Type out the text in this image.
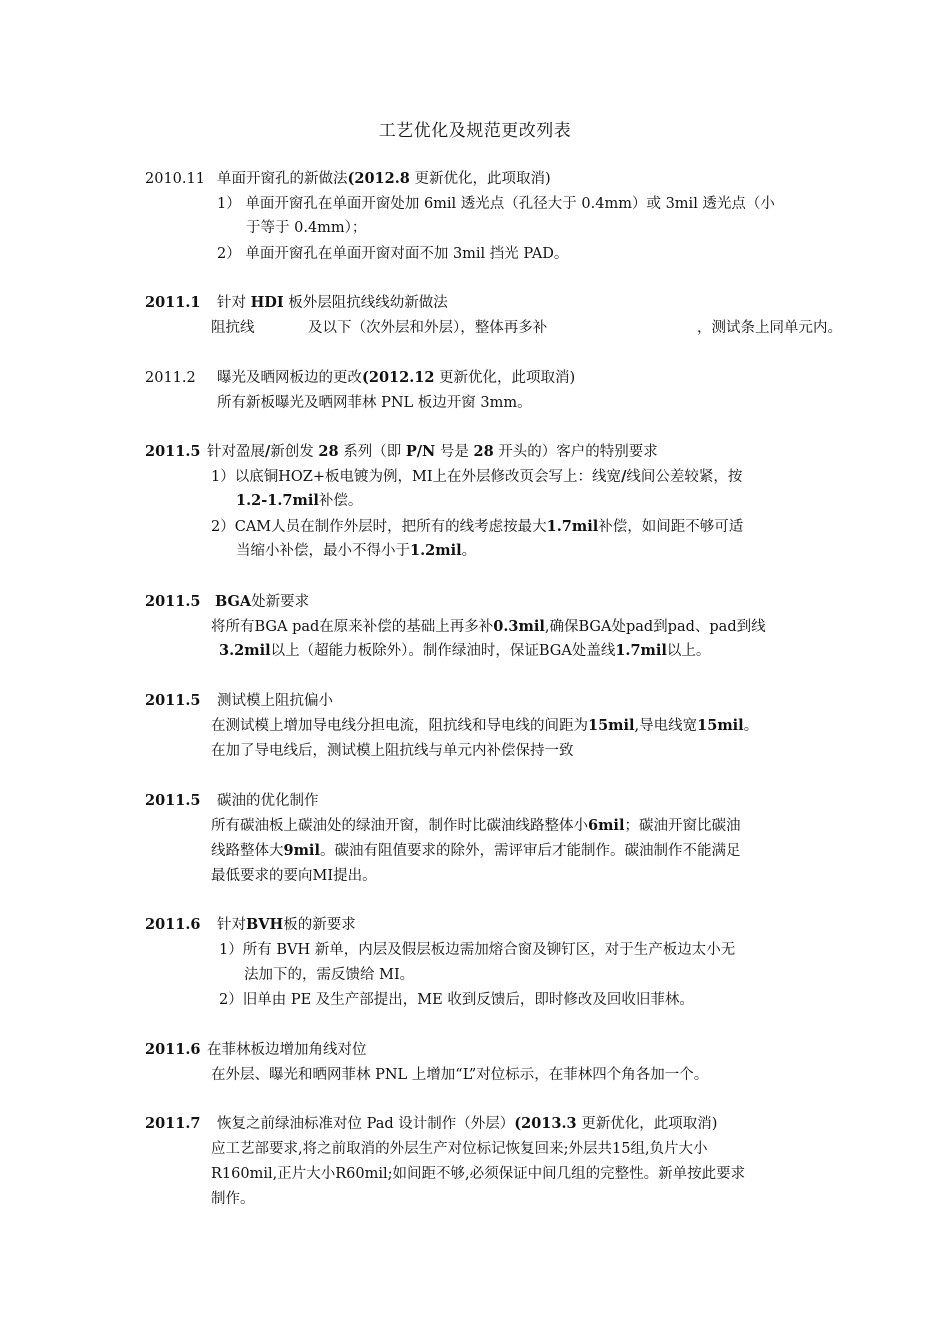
工艺优化及规范更改列表
2010.11 单面开窗孔的新做法(2012.8 更新优化，此项取消)
1） 单面开窗孔在单面开窗处加 6mil 透光点（孔径大于 0.4mm）或 3mil 透光点（小
于等于 0.4mm）；
2） 单面开窗孔在单面开窗对面不加 3mil 挡光 PAD。
2011.1 针对 HDI 板外层阻抗线线幼新做法
阻抗线	及以下（次外层和外层），整体再多补	，测试条上同单元内。
2011.2 曝光及晒网板边的更改(2012.12 更新优化，此项取消)
所有新板曝光及晒网菲林 PNL 板边开窗 3mm。
2011.5 针对盈展/新创发 28 系列（即 P/N 号是 28 开头的）客户的特别要求
1）以底铜HOZ+板电镀为例，MI上在外层修改页会写上：线宽/线间公差较紧，按
1.2-1.7mil补偿。
2）CAM人员在制作外层时，把所有的线考虑按最大1.7mil补偿，如间距不够可适
当缩小补偿，最小不得小于1.2mil。
2011.5 BGA处新要求
将所有BGA pad在原来补偿的基础上再多补0.3mil,确保BGA处pad到pad、pad到线
3.2mil以上（超能力板除外）。制作绿油时，保证BGA处盖线1.7mil以上。
2011.5 测试模上阻抗偏小
在测试模上增加导电线分担电流，阻抗线和导电线的间距为15mil,导电线宽15mil。
在加了导电线后，测试模上阻抗线与单元内补偿保持一致
2011.5 碳油的优化制作
所有碳油板上碳油处的绿油开窗，制作时比碳油线路整体小6mil；碳油开窗比碳油
线路整体大9mil。碳油有阻值要求的除外，需评审后才能制作。碳油制作不能满足
最低要求的要向MI提出。
2011.6 针对BVH板的新要求
1）所有 BVH 新单，内层及假层板边需加熔合窗及铆钉区，对于生产板边太小无
法加下的，需反馈给 MI。
2）旧单由 PE 及生产部提出，ME 收到反馈后，即时修改及回收旧菲林。
2011.6 在菲林板边增加角线对位
在外层、曝光和晒网菲林 PNL 上增加“L”对位标示，在菲林四个角各加一个。
2011.7 恢复之前绿油标准对位 Pad 设计制作（外层）(2013.3 更新优化，此项取消)
应工艺部要求,将之前取消的外层生产对位标记恢复回来;外层共15组,负片大小
R160mil,正片大小R60mil;如间距不够,必须保证中间几组的完整性。新单按此要求
制作。
